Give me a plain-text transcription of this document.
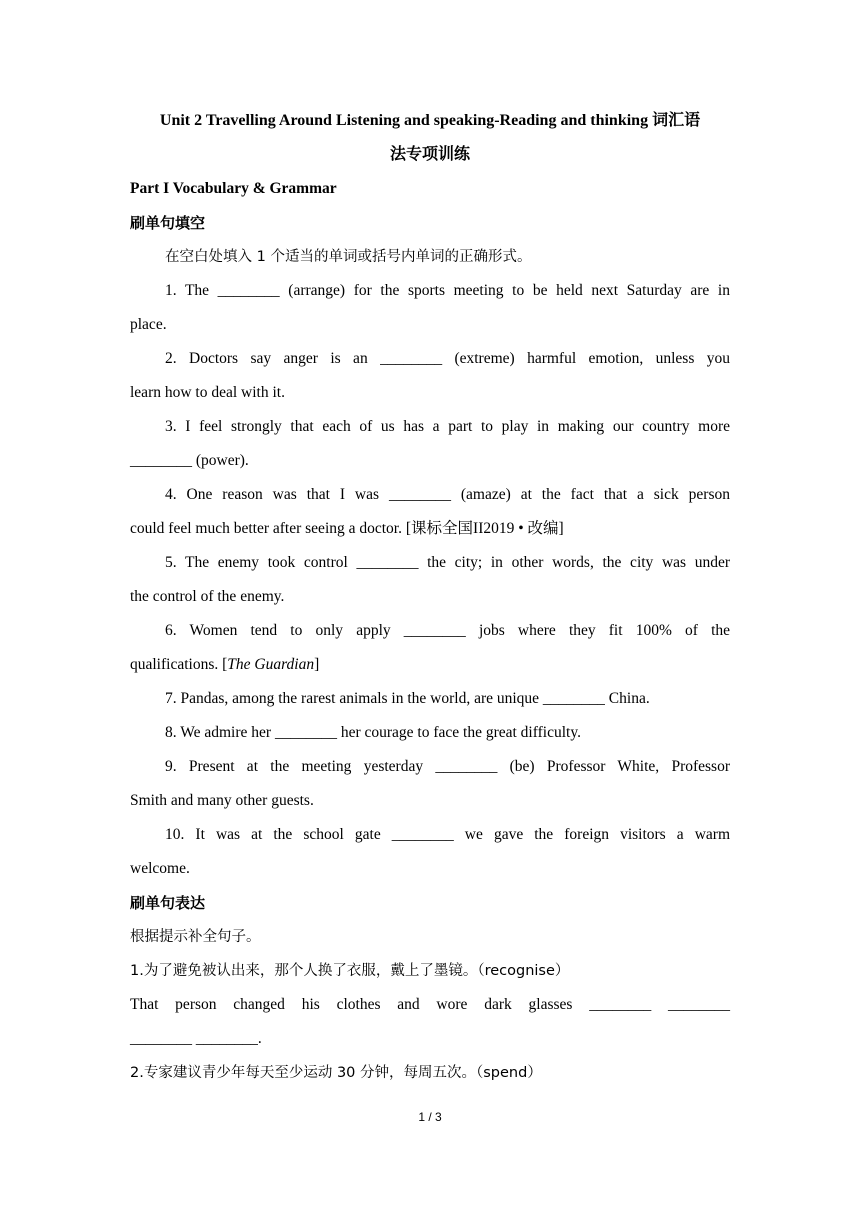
Unit 2 Travelling Around Listening and speaking-Reading and thinking 词汇语

法专项训练

Part I Vocabulary & Grammar

刷单句填空

在空白处填入 1 个适当的单词或括号内单词的正确形式。

1. The ________ (arrange) for the sports meeting to be held next Saturday are in

place.

2. Doctors say anger is an ________ (extreme) harmful emotion, unless you

learn how to deal with it.

3. I feel strongly that each of us has a part to play in making our country more

________ (power).

4. One reason was that I was ________ (amaze) at the fact that a sick person

could feel much better after seeing a doctor. [课标全国II2019 • 改编]

5. The enemy took control ________ the city; in other words, the city was under

the control of the enemy.

6. Women tend to only apply ________ jobs where they fit 100% of the

qualifications. [The Guardian]

7. Pandas, among the rarest animals in the world, are unique ________ China.

8. We admire her ________ her courage to face the great difficulty.

9. Present at the meeting yesterday ________ (be) Professor White, Professor

Smith and many other guests.

10. It was at the school gate ________ we gave the foreign visitors a warm

welcome.

刷单句表达

根据提示补全句子。

1.为了避免被认出来，那个人换了衣服，戴上了墨镜。（recognise）

That person changed his clothes and wore dark glasses ________ ________

________ ________.

2.专家建议青少年每天至少运动 30 分钟，每周五次。（spend）

1 / 3
